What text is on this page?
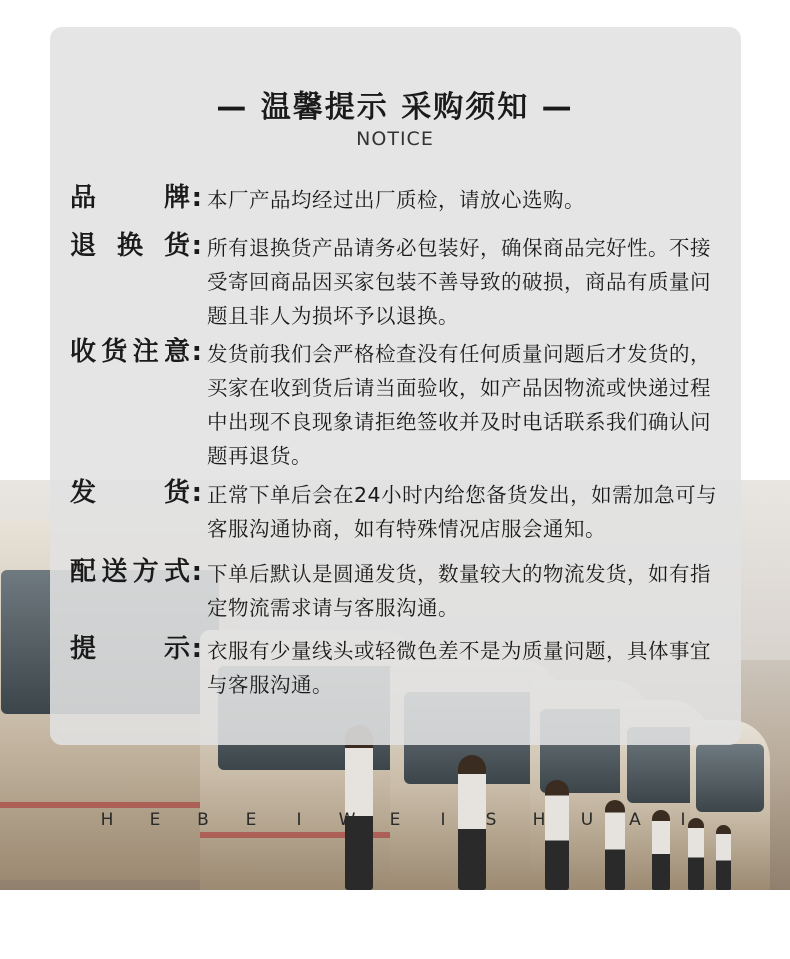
— 温馨提示 采购须知 —
NOTICE
品	牌 : 本厂产品均经过出厂质检，请放心选购。
退 换 货 : 所有退换货产品请务必包装好，确保商品完好性。不接受寄回商品因买家包装不善导致的破损，商品有质量问题且非人为损坏予以退换。
收 货 注 意 : 发货前我们会严格检查没有任何质量问题后才发货的，买家在收到货后请当面验收，如产品因物流或快递过程中出现不良现象请拒绝签收并及时电话联系我们确认问题再退货。
发	货 : 正常下单后会在24小时内给您备货发出，如需加急可与客服沟通协商，如有特殊情况店服会通知。
配 送 方 式 : 下单后默认是圆通发货，数量较大的物流发货，如有指定物流需求请与客服沟通。
提	示 : 衣服有少量线头或轻微色差不是为质量问题，具体事宜与客服沟通。
H E B E I W E I S H U A I
